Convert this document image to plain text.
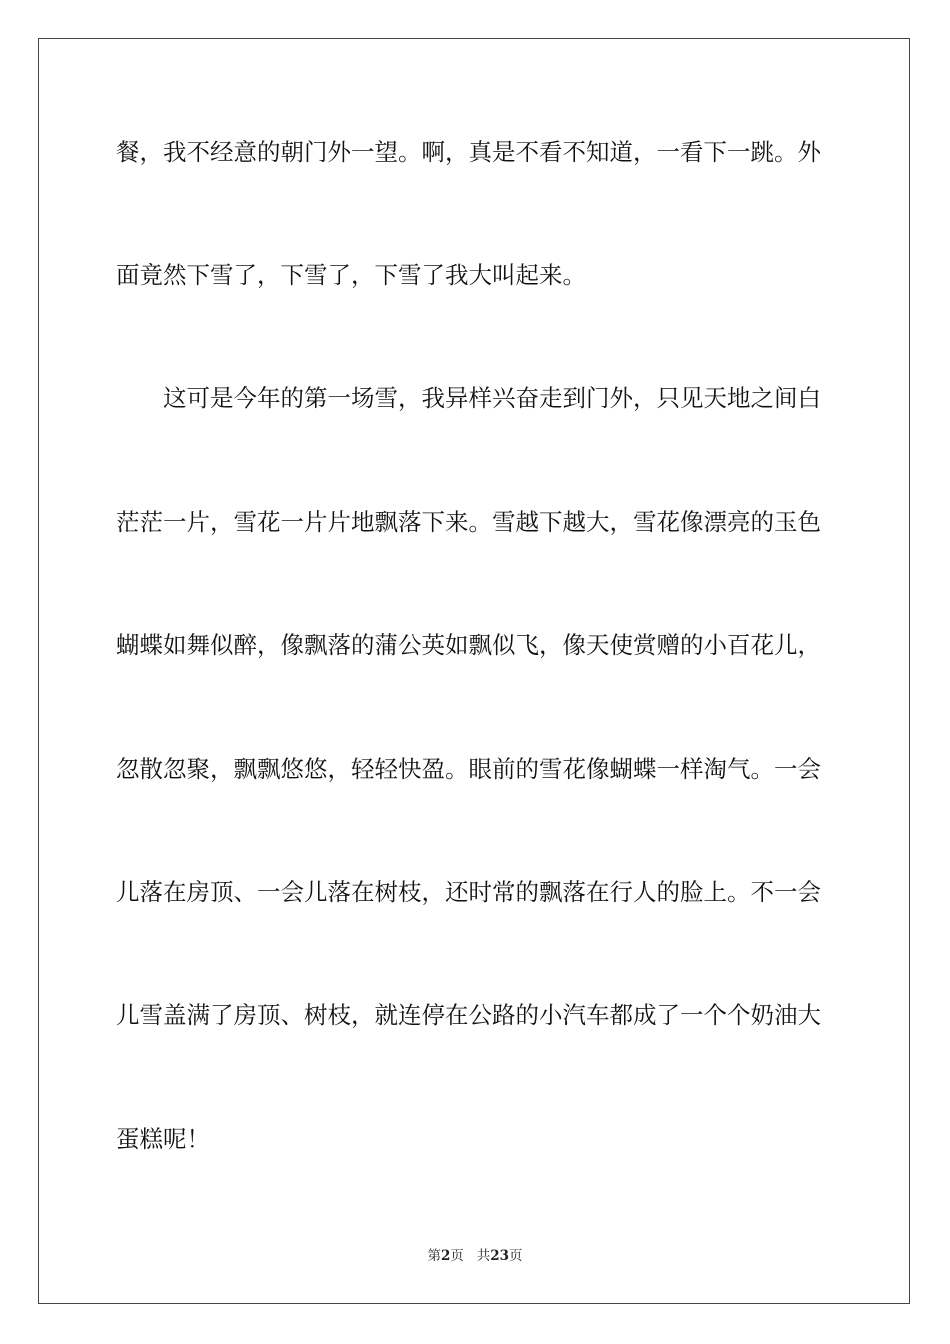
餐，我不经意的朝门外一望。啊，真是不看不知道，一看下一跳。外
面竟然下雪了，下雪了，下雪了我大叫起来。
　　这可是今年的第一场雪，我异样兴奋走到门外，只见天地之间白
茫茫一片，雪花一片片地飘落下来。雪越下越大，雪花像漂亮的玉色
蝴蝶如舞似醉，像飘落的蒲公英如飘似飞，像天使赏赠的小百花儿，
忽散忽聚，飘飘悠悠，轻轻快盈。眼前的雪花像蝴蝶一样淘气。一会
儿落在房顶、一会儿落在树枝，还时常的飘落在行人的脸上。不一会
儿雪盖满了房顶、树枝，就连停在公路的小汽车都成了一个个奶油大
蛋糕呢！
第2页 共23页
